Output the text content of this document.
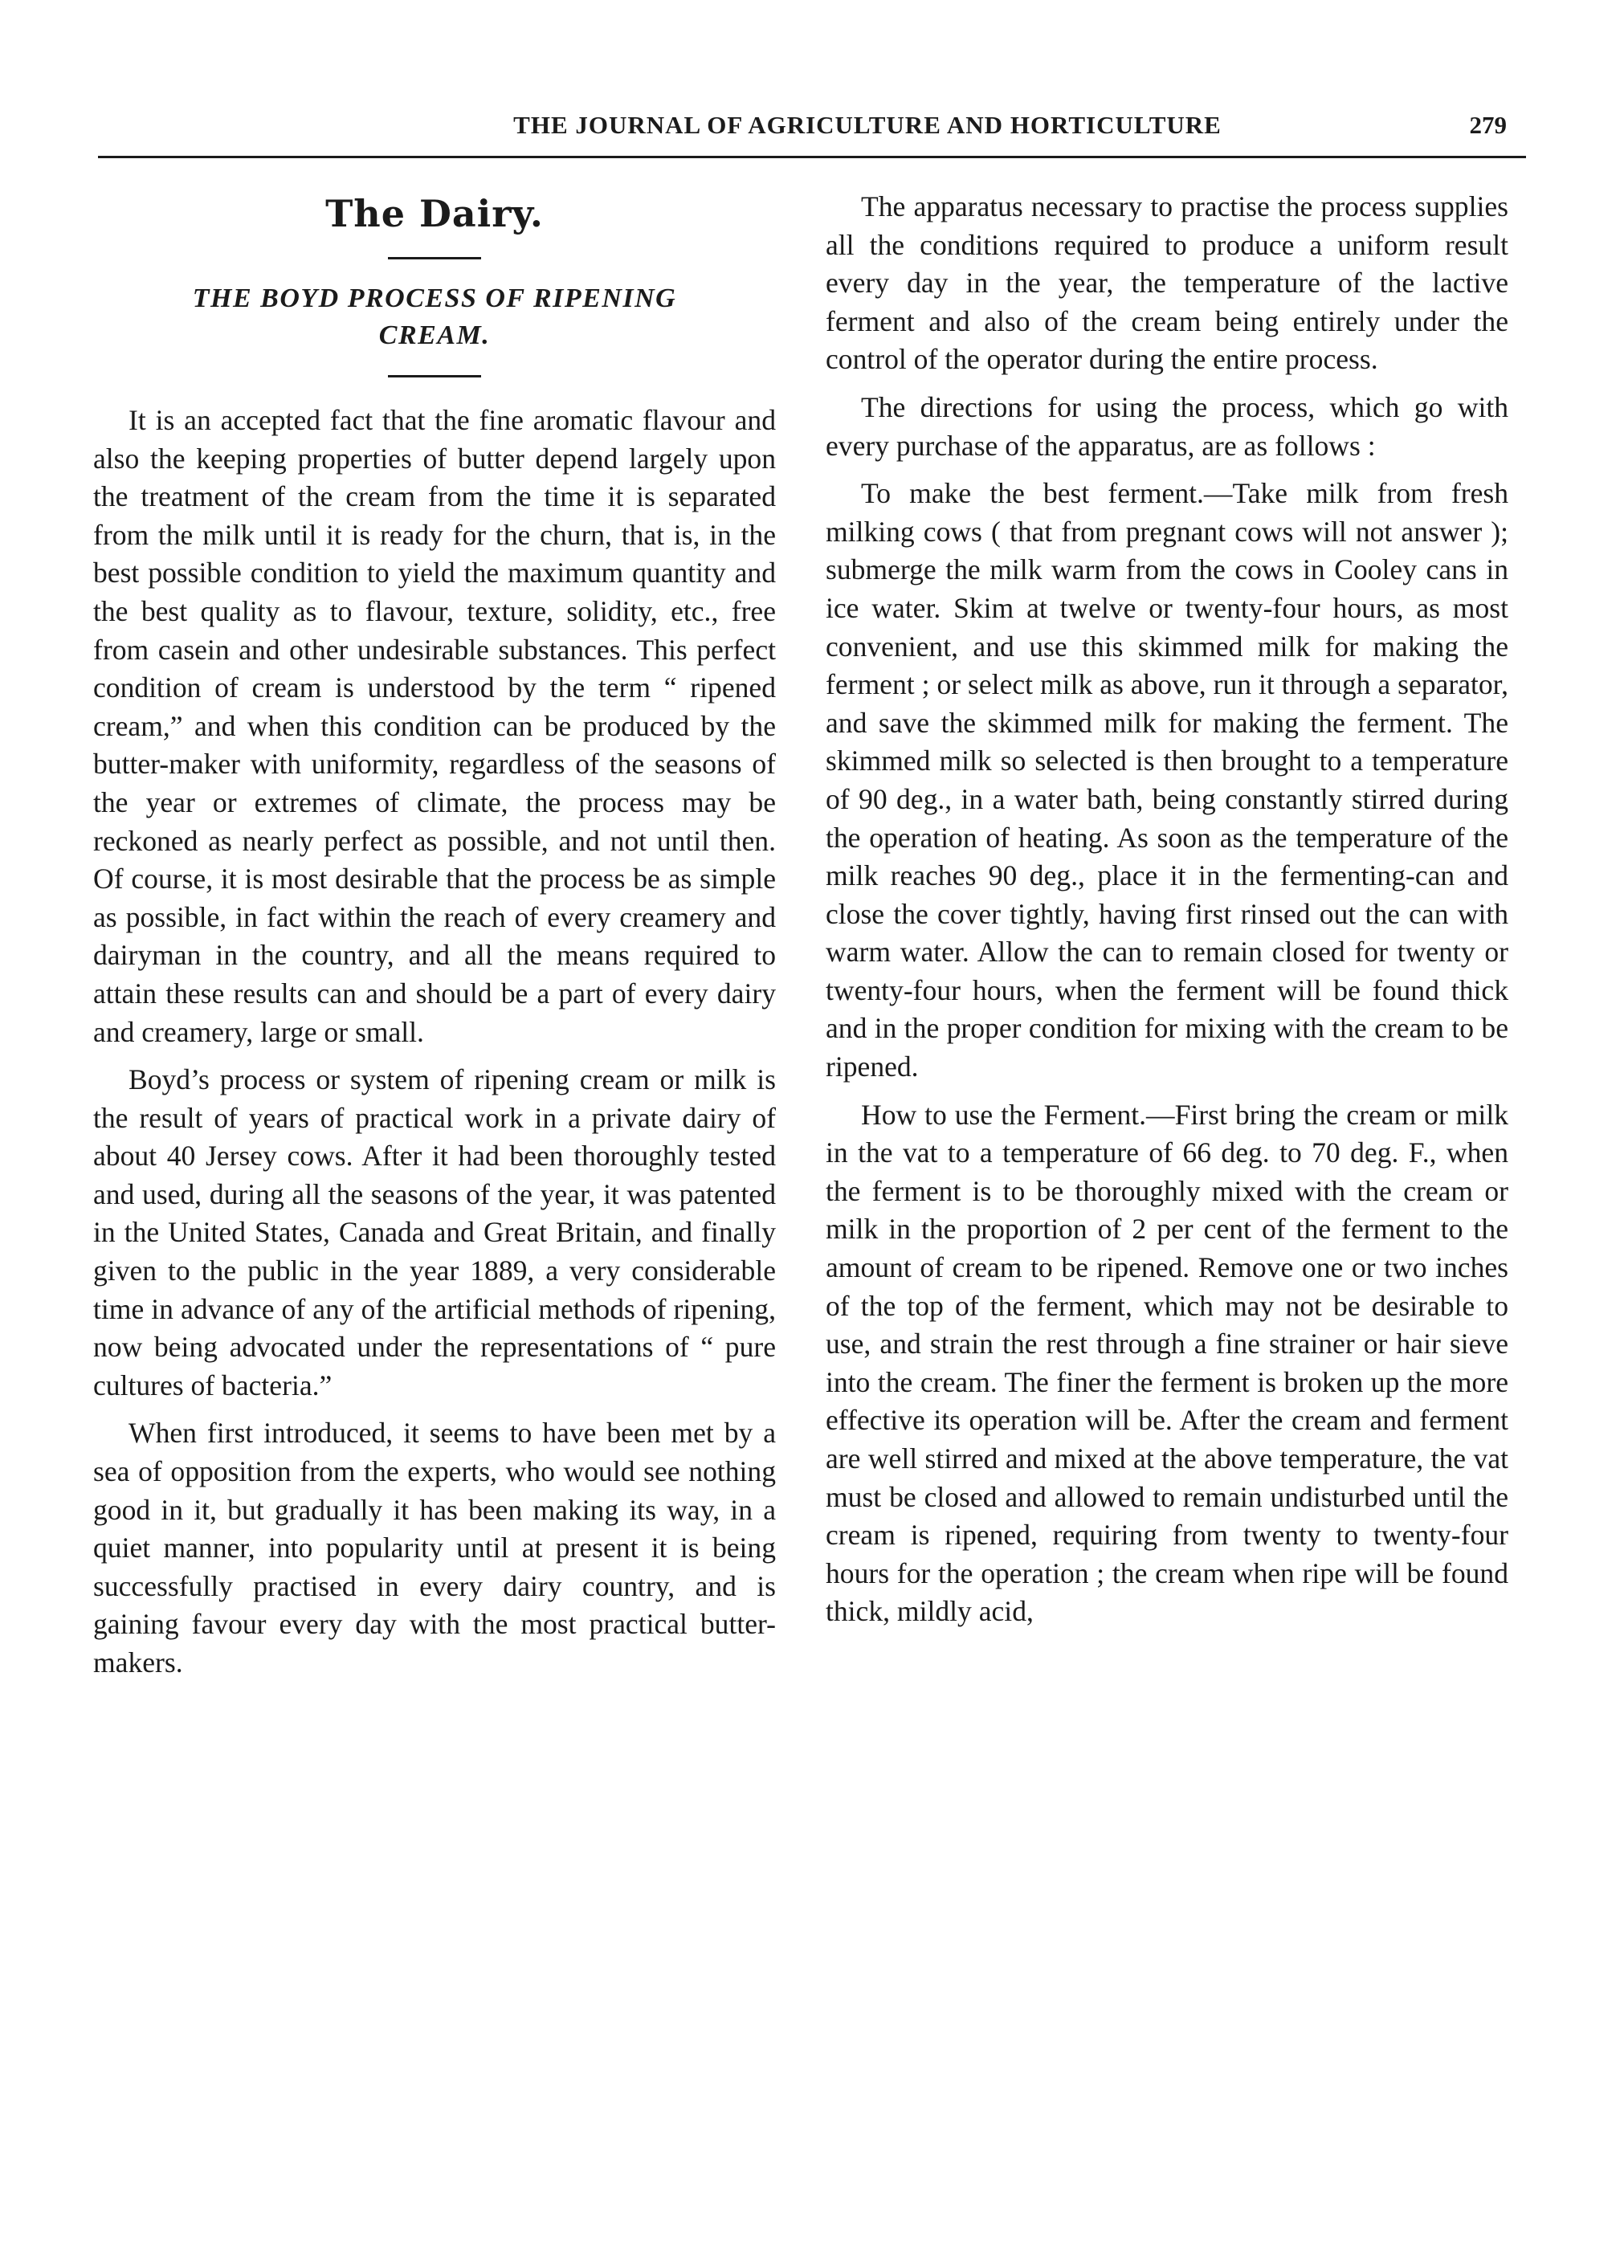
THE JOURNAL OF AGRICULTURE AND HORTICULTURE	279
The Dairy.
THE BOYD PROCESS OF RIPENING CREAM.

It is an accepted fact that the fine aromatic flavour and also the keeping properties of butter depend largely upon the treatment of the cream from the time it is separated from the milk until it is ready for the churn, that is, in the best possible condition to yield the maximum quantity and the best quality as to flavour, texture, solidity, etc., free from casein and other undesirable substances. This perfect condition of cream is understood by the term “ ripened cream,” and when this condition can be produced by the butter-maker with uniformity, regardless of the seasons of the year or extremes of climate, the process may be reckoned as nearly perfect as possible, and not until then. Of course, it is most desirable that the process be as simple as possible, in fact within the reach of every creamery and dairyman in the country, and all the means required to attain these results can and should be a part of every dairy and creamery, large or small.

Boyd’s process or system of ripening cream or milk is the result of years of practical work in a private dairy of about 40 Jersey cows. After it had been thoroughly tested and used, during all the seasons of the year, it was patented in the United States, Canada and Great Britain, and finally given to the public in the year 1889, a very considerable time in advance of any of the artificial methods of ripening, now being advocated under the representations of “ pure cultures of bacteria.”

When first introduced, it seems to have been met by a sea of opposition from the experts, who would see nothing good in it, but gradually it has been making its way, in a quiet manner, into popularity until at present it is being successfully practised in every dairy country, and is gaining favour every day with the most practical butter-makers.

The apparatus necessary to practise the process supplies all the conditions required to produce a uniform result every day in the year, the temperature of the lactive ferment and also of the cream being entirely under the control of the operator during the entire process.

The directions for using the process, which go with every purchase of the apparatus, are as follows :

To make the best ferment.—Take milk from fresh milking cows ( that from pregnant cows will not answer ); submerge the milk warm from the cows in Cooley cans in ice water. Skim at twelve or twenty-four hours, as most convenient, and use this skimmed milk for making the ferment ; or select milk as above, run it through a separator, and save the skimmed milk for making the ferment. The skimmed milk so selected is then brought to a temperature of 90 deg., in a water bath, being constantly stirred during the operation of heating. As soon as the temperature of the milk reaches 90 deg., place it in the fermenting-can and close the cover tightly, having first rinsed out the can with warm water. Allow the can to remain closed for twenty or twenty-four hours, when the ferment will be found thick and in the proper condition for mixing with the cream to be ripened.

How to use the Ferment.—First bring the cream or milk in the vat to a temperature of 66 deg. to 70 deg. F., when the ferment is to be thoroughly mixed with the cream or milk in the proportion of 2 per cent of the ferment to the amount of cream to be ripened. Remove one or two inches of the top of the ferment, which may not be desirable to use, and strain the rest through a fine strainer or hair sieve into the cream. The finer the ferment is broken up the more effective its operation will be. After the cream and ferment are well stirred and mixed at the above temperature, the vat must be closed and allowed to remain undisturbed until the cream is ripened, requiring from twenty to twenty-four hours for the operation ; the cream when ripe will be found thick, mildly acid,
